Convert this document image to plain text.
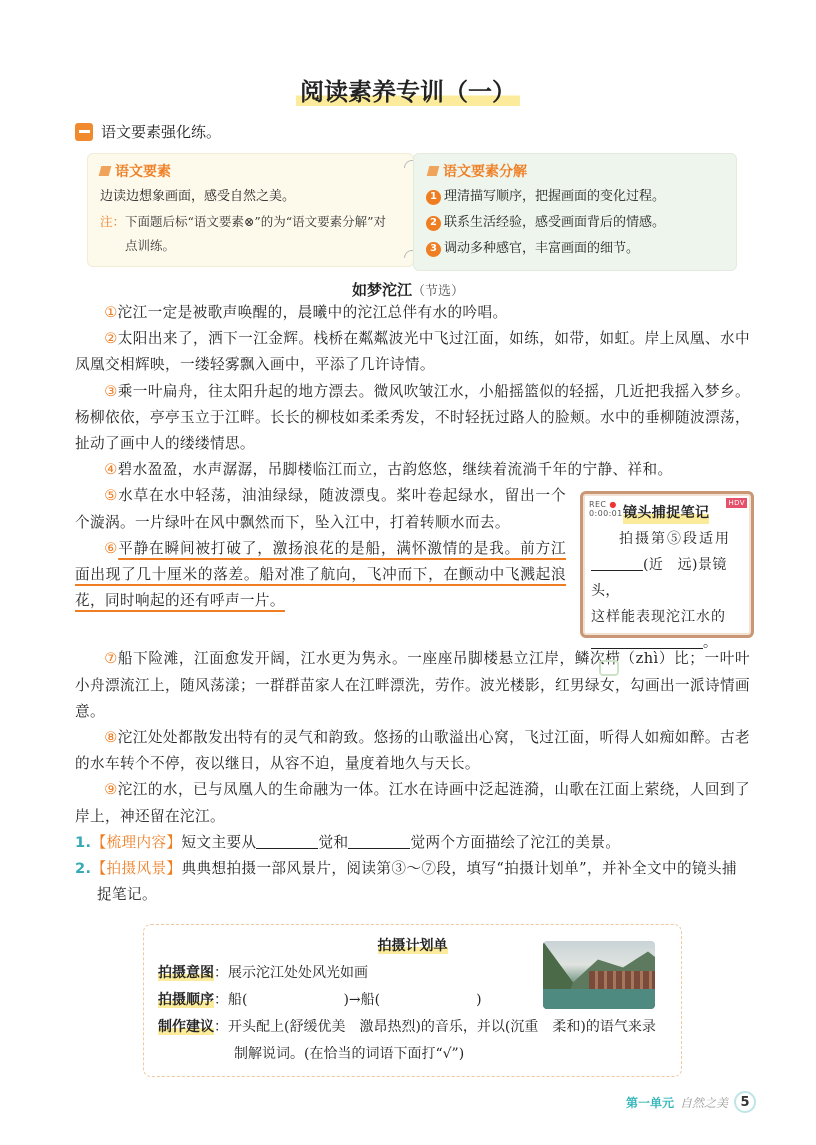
阅读素养专训（一）
语文要素强化练。
语文要素
边读边想象画面，感受自然之美。
注： 下面题后标“语文要素⊗”的为“语文要素分解”对点训练。
语文要素分解
1 理清描写顺序，把握画面的变化过程。
2 联系生活经验，感受画面背后的情感。
3 调动多种感官，丰富画面的细节。
如梦沱江（节选）

①沱江一定是被歌声唤醒的，晨曦中的沱江总伴有水的吟唱。

②太阳出来了，洒下一江金辉。栈桥在粼粼波光中飞过江面，如练，如带，如虹。岸上凤凰、水中凤凰交相辉映，一缕轻雾飘入画中，平添了几许诗情。

③乘一叶扁舟，往太阳升起的地方漂去。微风吹皱江水，小船摇篮似的轻摇，几近把我摇入梦乡。杨柳依依，亭亭玉立于江畔。长长的柳枝如柔柔秀发，不时轻抚过路人的脸颊。水中的垂柳随波漂荡，扯动了画中人的缕缕情思。

④碧水盈盈，水声潺潺，吊脚楼临江而立，古韵悠悠，继续着流淌千年的宁静、祥和。

REC ●
0:00:01
HDV
镜头捕捉笔记
拍摄第⑤段适用
(近　远)景镜头，
这样能表现沱江水的
。

⑤水草在水中轻荡，油油绿绿，随波漂曳。桨叶卷起绿水，留出一个个漩涡。一片绿叶在风中飘然而下，坠入江中，打着转顺水而去。

⑥平静在瞬间被打破了，激扬浪花的是船，满怀激情的是我。前方江面出现了几十厘米的落差。船对准了航向，飞冲而下，在颤动中飞溅起浪花，同时响起的还有呼声一片。

⑦船下险滩，江面愈发开阔，江水更为隽永。一座座吊脚楼悬立江岸，鳞次栉（zhì）比；一叶叶小舟漂流江上，随风荡漾；一群群苗家人在江畔漂洗，劳作。波光楼影，红男绿女，勾画出一派诗情画意。

⑧沱江处处都散发出特有的灵气和韵致。悠扬的山歌溢出心窝，飞过江面，听得人如痴如醉。古老的水车转个不停，夜以继日，从容不迫，量度着地久与天长。

⑨沱江的水，已与凤凰人的生命融为一体。江水在诗画中泛起涟漪，山歌在江面上萦绕，人回到了岸上，神还留在沱江。

1.【梳理内容】短文主要从	觉和	觉两个方面描绘了沱江的美景。
2.【拍摄风景】典典想拍摄一部风景片，阅读第③～⑦段，填写“拍摄计划单”，并补全文中的镜头捕捉笔记。
拍摄计划单
拍摄意图：展示沱江处处风光如画
拍摄顺序：船(	)→船(	)
制作建议：开头配上(舒缓优美　激昂热烈)的音乐，并以(沉重　柔和)的语气来录制解说词。(在恰当的词语下面打“√”)
第一单元 自然之美 5
